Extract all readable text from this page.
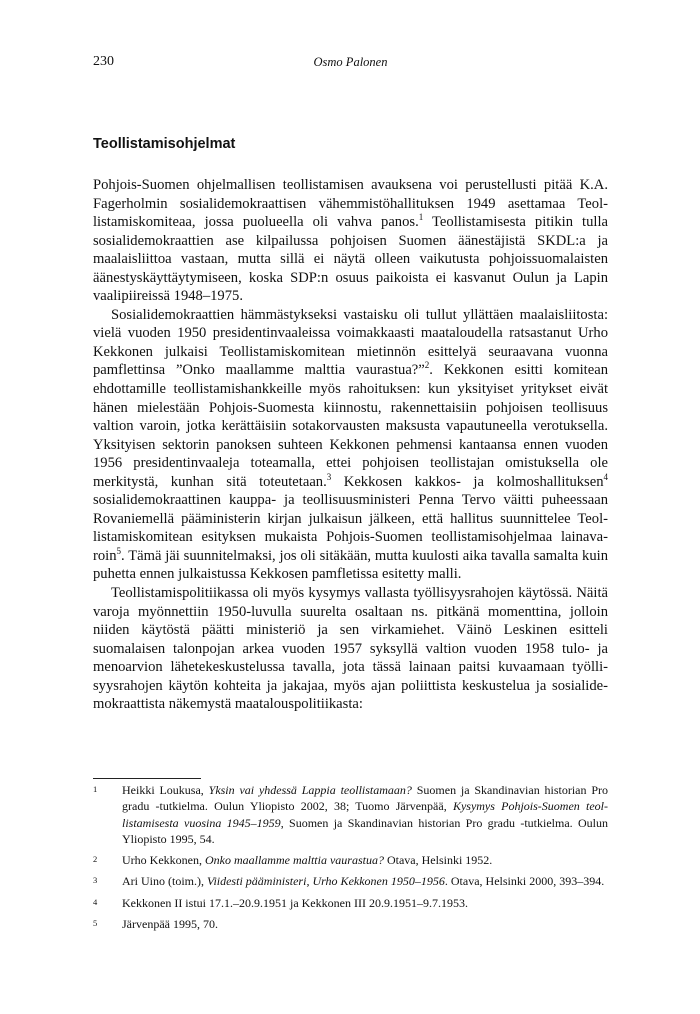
230	Osmo Palonen
Teollistamisohjelmat

Pohjois-Suomen ohjelmallisen teollistamisen avauksena voi perustellusti pitää K.A. Fagerholmin sosialidemokraattisen vähemmistöhallituksen 1949 asettamaa Teollistamiskomiteaa, jossa puolueella oli vahva panos.$^1$ Teollistamisesta pitikin tulla sosialidemokraattien ase kilpailussa pohjoisen Suomen äänestäjistä SKDL:a ja maalaisliittoa vastaan, mutta sillä ei näytä olleen vaikutusta pohjoissuomalaisten äänestyskäyttäytymiseen, koska SDP:n osuus paikoista ei kasvanut Oulun ja Lapin vaalipiireissä 1948–1975.

Sosialidemokraattien hämmästykseksi vastaisku oli tullut yllättäen maalaisliitosta: vielä vuoden 1950 presidentinvaaleissa voimakkaasti maataloudella ratsastanut Urho Kekkonen julkaisi Teollistamiskomitean mietinnön esittelyä seuraavana vuonna pamflettinsa ”Onko maallamme malttia vaurastua?”$^2$. Kekkonen esitti komitean ehdottamille teollistamishankkeille myös rahoituksen: kun yksityiset yritykset eivät hänen mielestään Pohjois-Suomesta kiinnostu, rakennettaisiin pohjoisen teollisuus valtion varoin, jotka kerättäisiin sotakorvausten maksusta vapautuneella verotuksella. Yksityisen sektorin panoksen suhteen Kekkonen pehmensi kantaansa ennen vuoden 1956 presidentinvaaleja toteamalla, ettei pohjoisen teollistajan omistuksella ole merkitystä, kunhan sitä toteutetaan.$^3$ Kekkosen kakkos- ja kolmoshallituksen$^4$ sosialidemokraattinen kauppa- ja teollisuusministeri Penna Tervo väitti puheessaan Rovaniemellä pääministerin kirjan julkaisun jälkeen, että hallitus suunnittelee Teollistamiskomitean esityksen mukaista Pohjois-Suomen teollistamisohjelmaa lainavaroin$^5$. Tämä jäi suunnitelmaksi, jos oli sitäkään, mutta kuulosti aika tavalla samalta kuin puhetta ennen julkaistussa Kekkosen pamfletissa esitetty malli.

Teollistamispolitiikassa oli myös kysymys vallasta työllisyysrahojen käytössä. Näitä varoja myönnettiin 1950-luvulla suurelta osaltaan ns. pitkänä momenttina, jolloin niiden käytöstä päätti ministeriö ja sen virkamiehet. Väinö Leskinen esitteli suomalaisen talonpojan arkea vuoden 1957 syksyllä valtion vuoden 1958 tulo- ja menoarvion lähetekeskustelussa tavalla, jota tässä lainaan paitsi kuvaamaan työllisyysrahojen käytön kohteita ja jakajaa, myös ajan poliittista keskustelua ja sosialidemokraattista näkemystä maatalouspolitiikasta:

1 Heikki Loukusa, Yksin vai yhdessä Lappia teollistamaan? Suomen ja Skandinavian historian Pro gradu -tutkielma. Oulun Yliopisto 2002, 38; Tuomo Järvenpää, Kysymys Pohjois-Suomen teollistamisesta vuosina 1945–1959, Suomen ja Skandinavian historian Pro gradu -tutkielma. Oulun Yliopisto 1995, 54.
2 Urho Kekkonen, Onko maallamme malttia vaurastua? Otava, Helsinki 1952.
3 Ari Uino (toim.), Viidesti pääministeri, Urho Kekkonen 1950–1956. Otava, Helsinki 2000, 393–394.
4 Kekkonen II istui 17.1.–20.9.1951 ja Kekkonen III 20.9.1951–9.7.1953.
5 Järvenpää 1995, 70.
